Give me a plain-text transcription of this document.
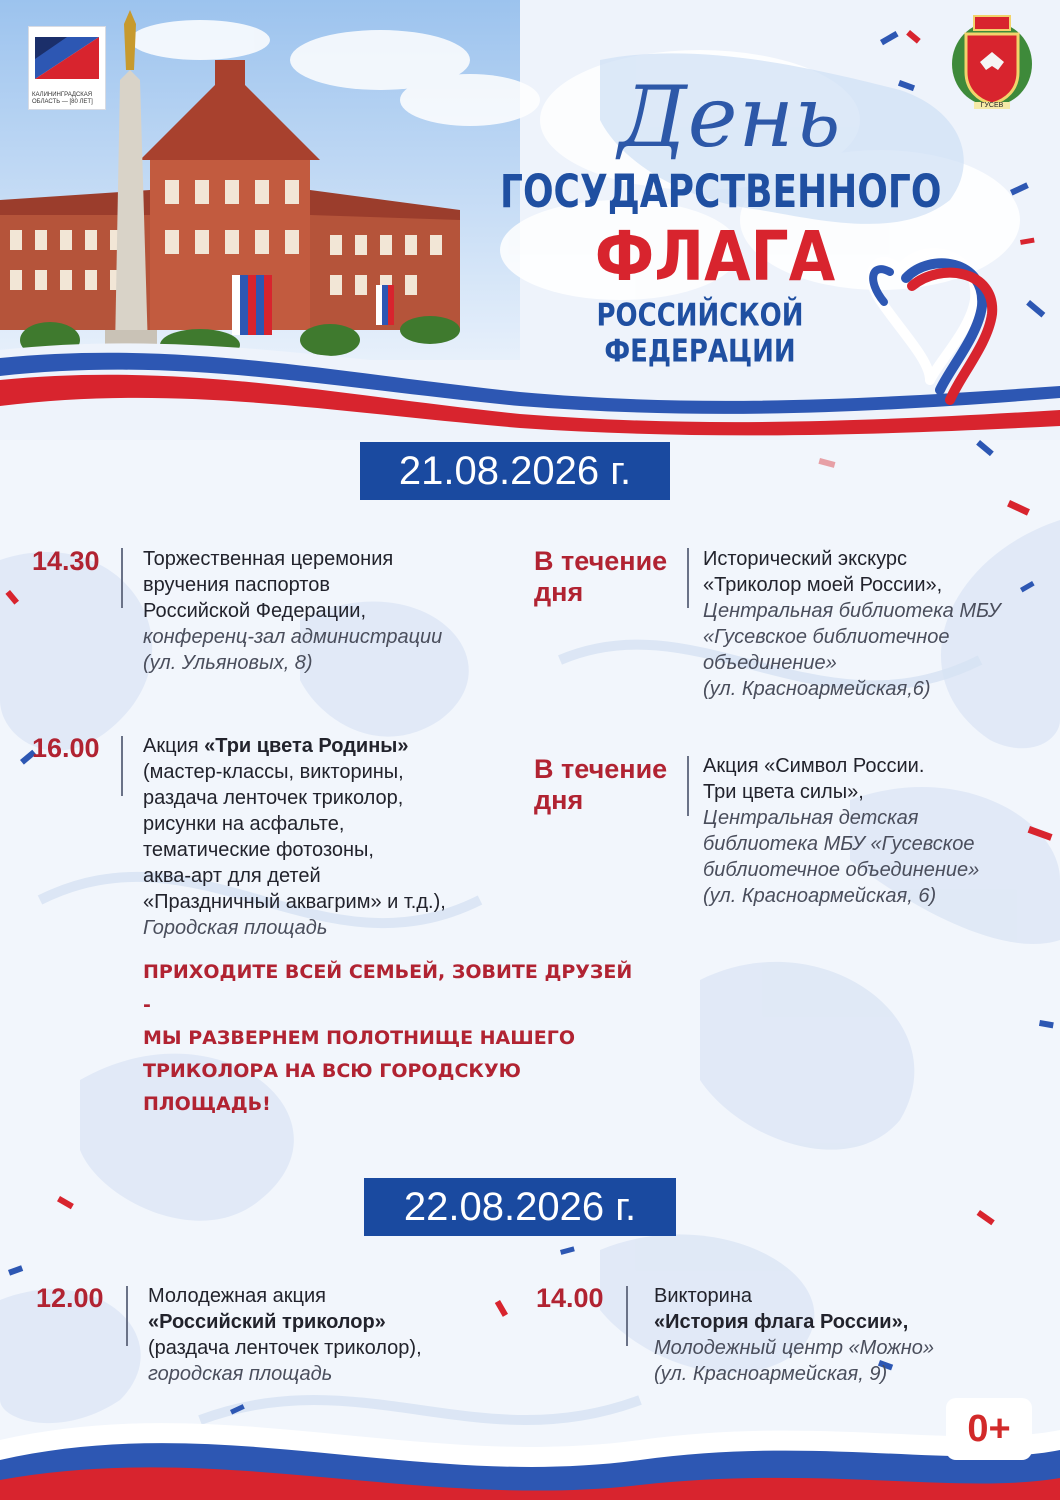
КАЛИНИНГРАДСКАЯ ОБЛАСТЬ — [80 ЛЕТ]	ГУСЕВ
День
ГОСУДАРСТВЕННОГО
ФЛАГА
РОССИЙСКОЙ ФЕДЕРАЦИИ
21.08.2026 г.
14.30 Торжественная церемония
вручения паспортов
Российской Федерации,
конференц-зал администрации
(ул. Ульяновых, 8)
В течение дня
Исторический экскурс
«Триколор моей России»,
Центральная библиотека МБУ
«Гусевское библиотечное
объединение»
(ул. Красноармейская,6)
16.00 Акция «Три цвета Родины»
(мастер-классы, викторины,
раздача ленточек триколор,
рисунки на асфальте,
тематические фотозоны,
аква-арт для детей
«Праздничный аквагрим» и т.д.),
Городская площадь
В течение дня
Акция «Символ России.
Три цвета силы»,
Центральная детская
библиотека МБУ «Гусевское
библиотечное объединение»
(ул. Красноармейская, 6)
ПРИХОДИТЕ ВСЕЙ СЕМЬЕЙ, ЗОВИТЕ ДРУЗЕЙ -
МЫ РАЗВЕРНЕМ ПОЛОТНИЩЕ НАШЕГО
ТРИКОЛОРА НА ВСЮ ГОРОДСКУЮ
ПЛОЩАДЬ!
22.08.2026 г.
12.00 Молодежная акция
«Российский триколор»
(раздача ленточек триколор),
городская площадь
14.00	Викторина
«История флага России»,
Молодежный центр «Можно»
(ул. Красноармейская, 9)
0+
